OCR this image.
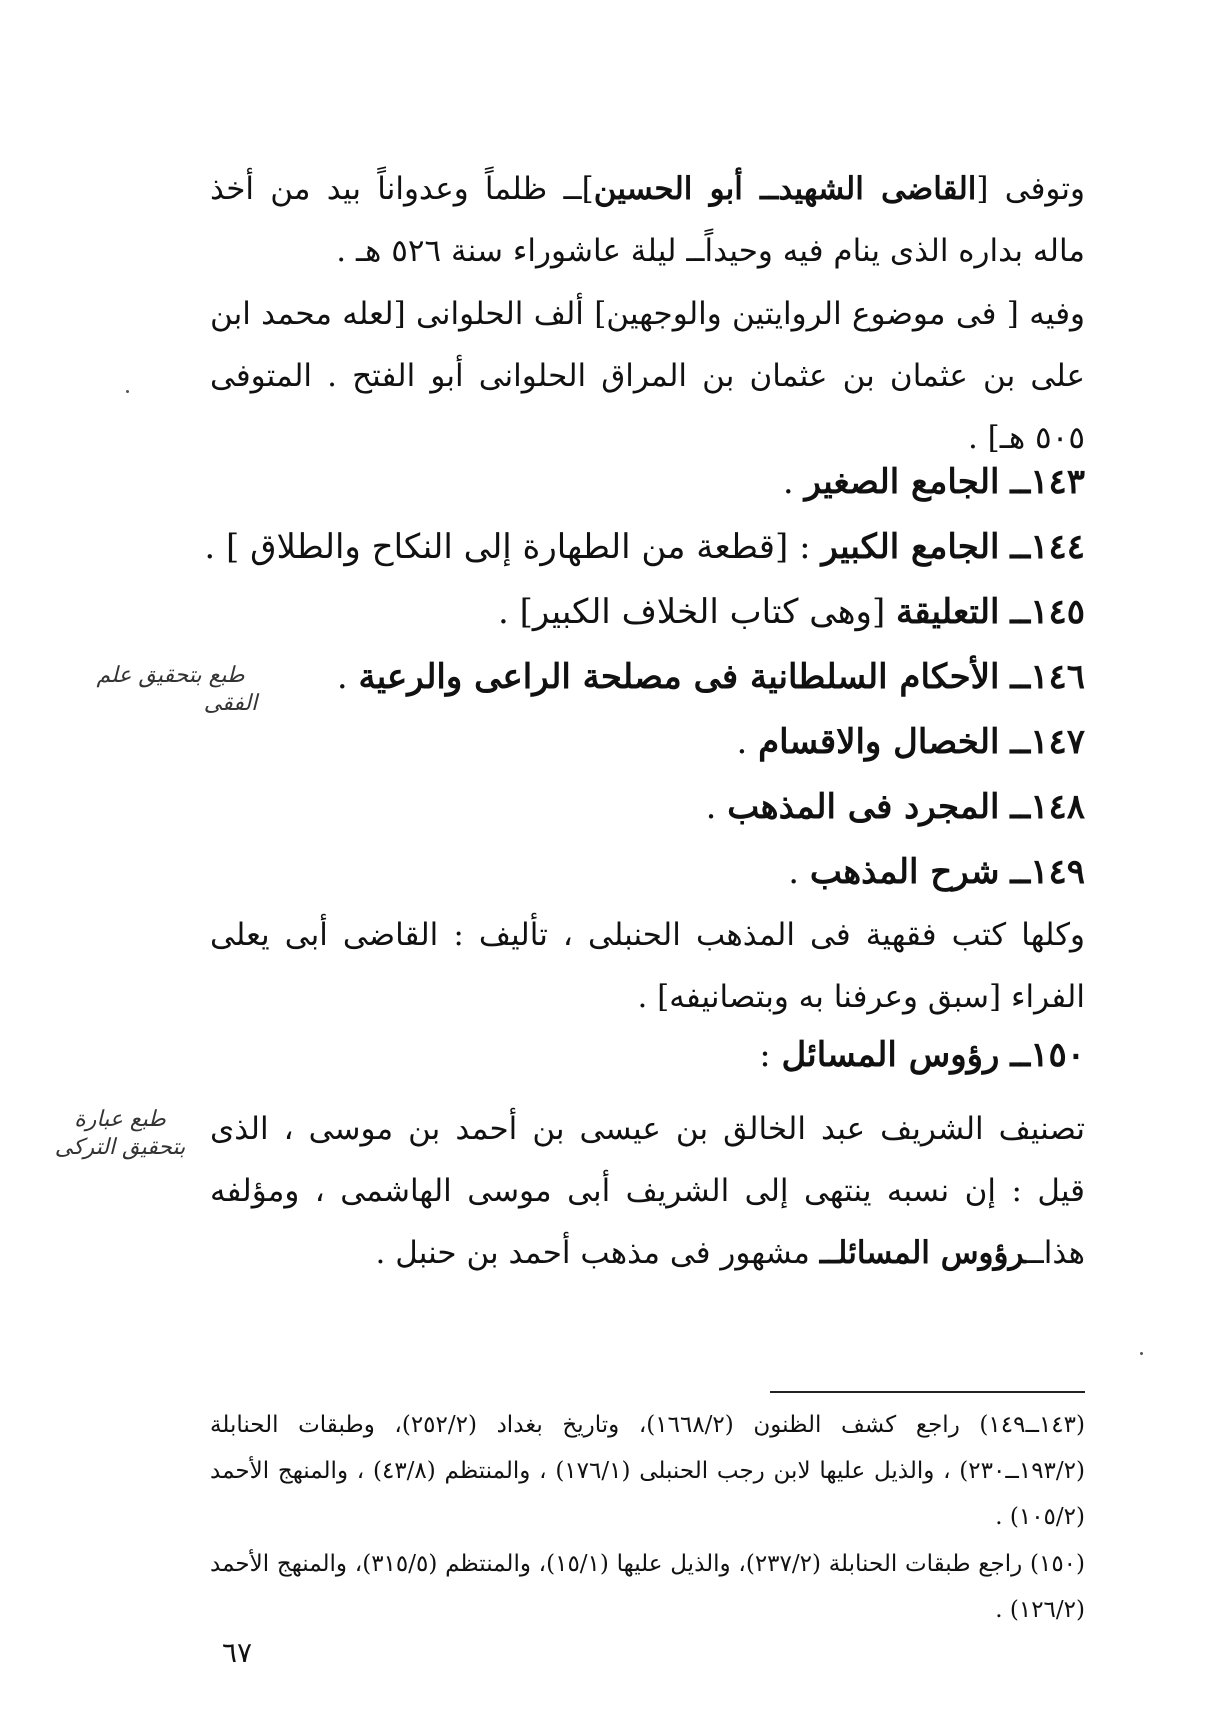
وتوفى [القاضى الشهيدــ أبو الحسين]ــ ظلماً وعدواناً بيد من أخذ ماله بداره الذى ينام فيه وحيداًــ ليلة عاشوراء سنة ٥٢٦ هـ .

وفيه [ فى موضوع الروايتين والوجهين] ألف الحلوانى [لعله محمد ابن على بن عثمان بن عثمان بن المراق الحلوانى أبو الفتح . المتوفى ٥٠٥ هـ] .

١٤٣ــ الجامع الصغير .
١٤٤ــ الجامع الكبير : [قطعة من الطهارة إلى النكاح والطلاق ] .
١٤٥ــ التعليقة [وهى كتاب الخلاف الكبير] .
١٤٦ــ الأحكام السلطانية فى مصلحة الراعى والرعية .
١٤٧ــ الخصال والاقسام .
١٤٨ــ المجرد فى المذهب .
١٤٩ــ شرح المذهب .

وكلها كتب فقهية فى المذهب الحنبلى ، تأليف : القاضى أبى يعلى الفراء [سبق وعرفنا به وبتصانيفه] .

١٥٠ــ رؤوس المسائل :

تصنيف الشريف عبد الخالق بن عيسى بن أحمد بن موسى ، الذى قيل : إن نسبه ينتهى إلى الشريف أبى موسى الهاشمى ، ومؤلفه هذاــرؤوس المسائلــ مشهور فى مذهب أحمد بن حنبل .

(١٤٣ــ١٤٩) راجع كشف الظنون (١٦٦٨/٢)، وتاريخ بغداد (٢٥٢/٢)، وطبقات الحنابلة (١٩٣/٢ــ٢٣٠) ، والذيل عليها لابن رجب الحنبلى (١٧٦/١) ، والمنتظم (٤٣/٨) ، والمنهج الأحمد (١٠٥/٢) .

(١٥٠) راجع طبقات الحنابلة (٢٣٧/٢)، والذيل عليها (١٥/١)، والمنتظم (٣١٥/٥)، والمنهج الأحمد (١٢٦/٢) .

طبع بتحقيق علم
الفقى
طبع عبارة
بتحقيق التركى
٦٧
